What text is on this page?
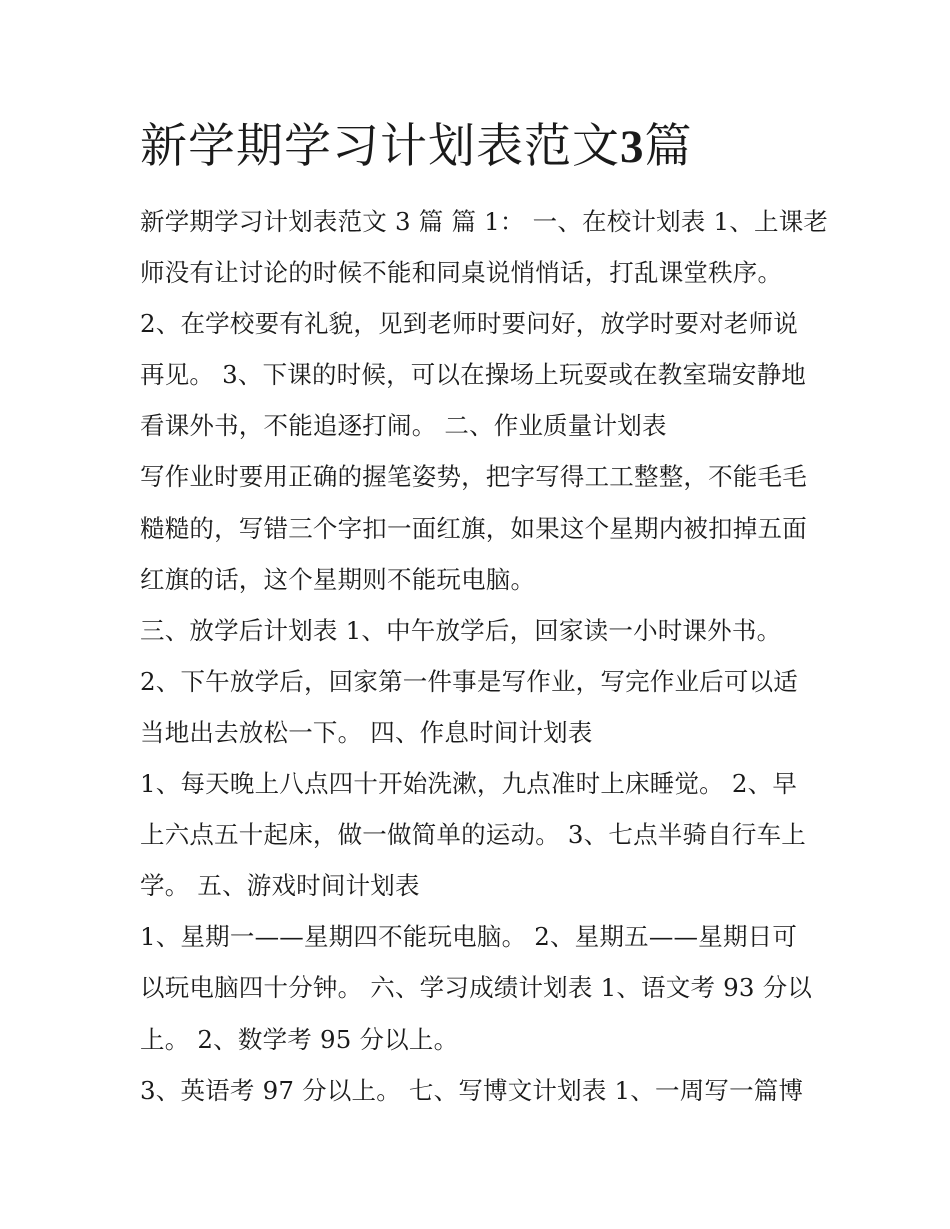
新学期学习计划表范文3篇

新学期学习计划表范文 3 篇 篇 1： 一、在校计划表 1、上课老

师没有让讨论的时候不能和同桌说悄悄话，打乱课堂秩序。

2、在学校要有礼貌，见到老师时要问好，放学时要对老师说

再见。 3、下课的时候，可以在操场上玩耍或在教室瑞安静地

看课外书，不能追逐打闹。 二、作业质量计划表

写作业时要用正确的握笔姿势，把字写得工工整整，不能毛毛

糙糙的，写错三个字扣一面红旗，如果这个星期内被扣掉五面

红旗的话，这个星期则不能玩电脑。

三、放学后计划表 1、中午放学后，回家读一小时课外书。

2、下午放学后，回家第一件事是写作业，写完作业后可以适

当地出去放松一下。 四、作息时间计划表

1、每天晚上八点四十开始洗漱，九点准时上床睡觉。 2、早

上六点五十起床，做一做简单的运动。 3、七点半骑自行车上

学。 五、游戏时间计划表

1、星期一——星期四不能玩电脑。 2、星期五——星期日可

以玩电脑四十分钟。 六、学习成绩计划表 1、语文考 93 分以

上。 2、数学考 95 分以上。

3、英语考 97 分以上。 七、写博文计划表 1、一周写一篇博
